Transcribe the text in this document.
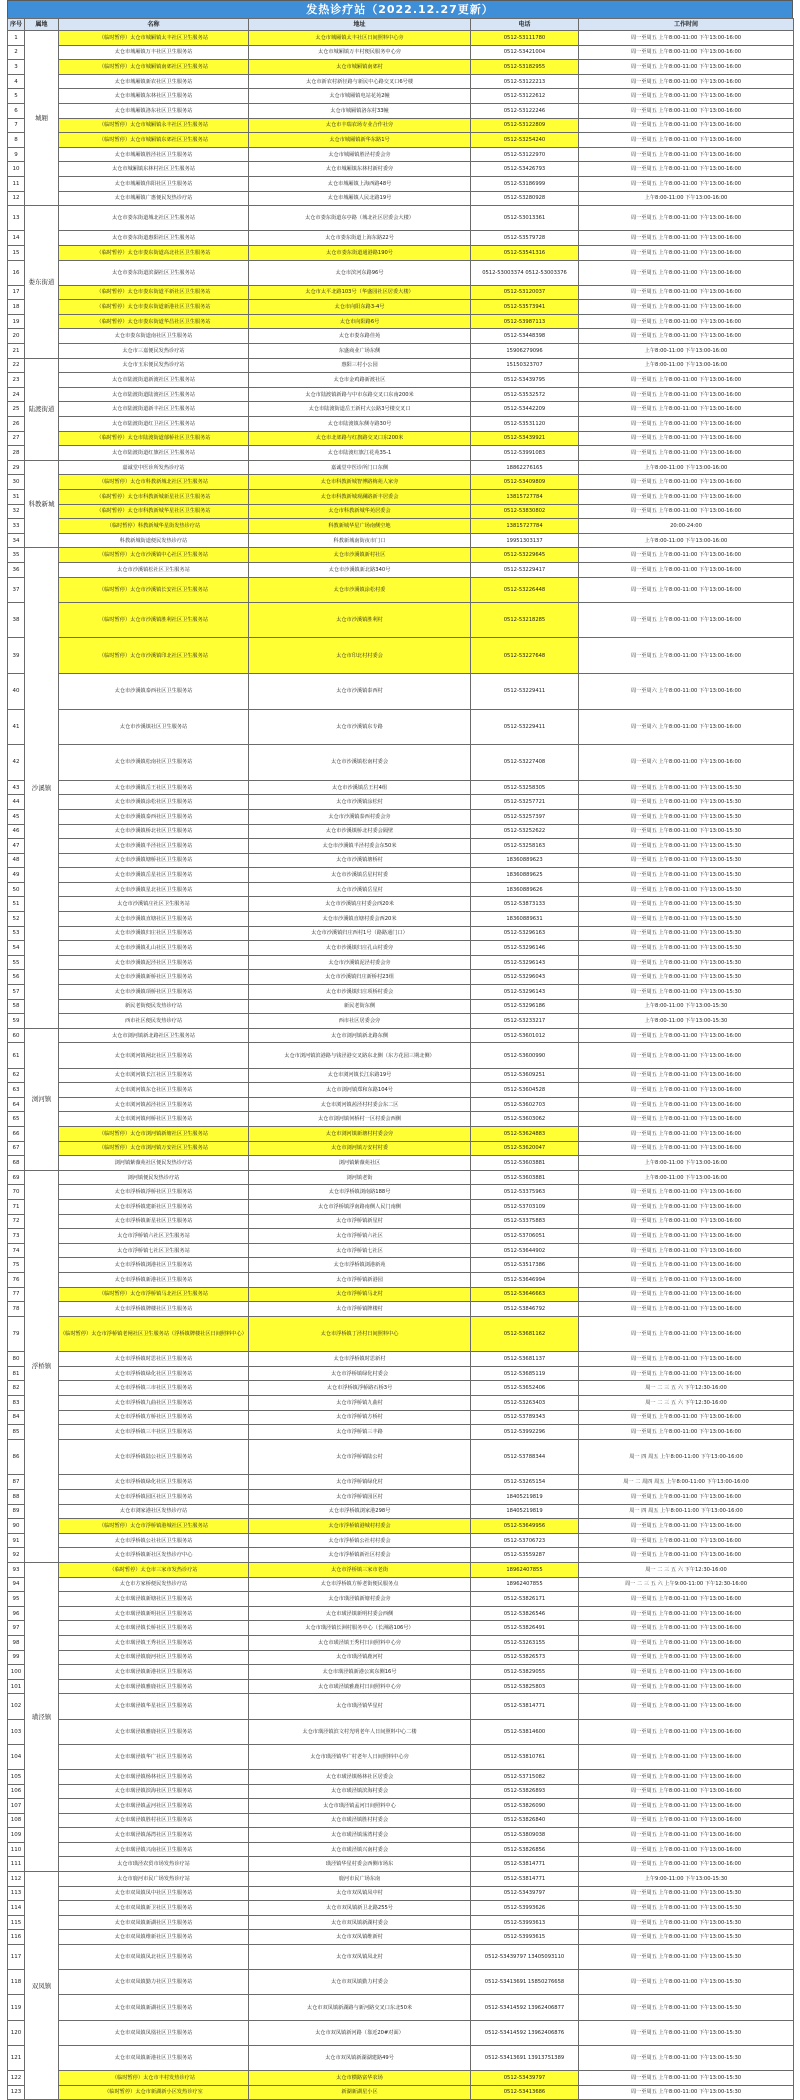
发热诊疗站（2022.12.27更新）
序号	属地	名称	地址	电话	工作时间
1	城厢	（临时暂停）太仓市城厢镇太丰社区卫生服务站	太仓市城厢镇太丰社区日间照料中心旁	0512-53111780	周一至周五 上午8:00-11:00 下午13:00-16:00
2		太仓市城厢镇万丰社区卫生服务站	太仓市城厢镇万丰村便民服务中心旁	0512-53421004	周一至周五 上午8:00-11:00 下午13:00-16:00
3		（临时暂停）太仓市城厢镇南郊社区卫生服务站	太仓市城厢镇南郊村	0512-53182955	周一至周五 上午8:00-11:00 下午13:00-16:00
4		太仓市城厢镇新农社区卫生服务站	太仓市新农村新径路与新民中心路交叉口6号楼	0512-53122213	周一至周五 上午8:00-11:00 下午13:00-16:00
5		太仓市城厢镇东林社区卫生服务站	太仓市城厢镇电站花苑2幢	0512-53122612	周一至周五 上午8:00-11:00 下午13:00-16:00
6		太仓市城厢镇洛东社区卫生服务站	太仓市城厢镇洛东村33幢	0512-53122246	周一至周五 上午8:00-11:00 下午13:00-16:00
7		（临时暂停）太仓市城厢镇永丰社区卫生服务站	太仓市丰瑞农场专业合作社旁	0512-53122809	周一至周五 上午8:00-11:00 下午13:00-16:00
8		（临时暂停）太仓市城厢镇东郊社区卫生服务站	太仓市城厢镇新华东路1号	0512-53254240	周一至周五 上午8:00-11:00 下午13:00-16:00
9		太仓市城厢镇胜泾社区卫生服务站	太仓市城厢镇胜泾村委会旁	0512-53122970	周一至周五 上午8:00-11:00 下午13:00-16:00
10		太仓市城厢镇东林村社区卫生服务站	太仓市城厢镇东林村新村委旁	0512-53426793	周一至周五 上午8:00-11:00 下午13:00-16:00
11		太仓市城厢镇伟阳社区卫生服务站	太仓市城厢镇上海西路48号	0512-53186999	周一至周五 上午8:00-11:00 下午13:00-16:00
12		太仓市城厢镇广惠便民发热诊疗站	太仓市城厢镇人民北路19号	0512-53280928	上午8:00-11:00 下午13:00-16:00
13	娄东街道	太仓市娄东街道城北社区卫生服务站	太仓市娄东街道东亭路（城北社区居委会大楼）	0512-53013361	周一至周五 上午8:00-11:00 下午13:00-16:00
14		太仓市娄东街道惠阳社区卫生服务站	太仓市娄东街道上海东路22号	0512-53579728	周一至周五 上午8:00-11:00 下午13:00-16:00
15		（临时暂停）太仓市娄东街道高北社区卫生服务站	太仓市娄东街道通港路190号	0512-53541316	周一至周五 上午8:00-11:00 下午13:00-16:00
16		太仓市娄东街道滨湖社区卫生服务站	太仓市滨河东路96号	0512-53003374 0512-53003376	周一至周五 上午8:00-11:00 下午13:00-16:00
17		（临时暂停）太仓市娄东街道平新社区卫生服务站	太仓市太平北路103号（华盛园社区居委大楼）	0512-53120037	周一至周五 上午8:00-11:00 下午13:00-16:00
18		（临时暂停）太仓市娄东街道新港社区卫生服务站	太仓市向阳东路3-4号	0512-53573941	周一至周五 上午8:00-11:00 下午13:00-16:00
19		（临时暂停）太仓市娄东街道华昌社区卫生服务站	太仓市向阳路6号	0512-53987113	周一至周五 上午8:00-11:00 下午13:00-16:00
20		太仓市娄东街道南社区卫生服务站	太仓市娄东路佳苑	0512-53448398	周一至周五 上午8:00-11:00 下午13:00-16:00
21		太仓市三嘉便民发热诊疗站	东盛商业广场东侧	15906279096	上午8:00-11:00 下午13:00-16:00
22	陆渡街道	太仓市玉东便民发热诊疗站	惠阳三村小公园	15150323707	上午8:00-11:00 下午13:00-16:00
23		太仓市陆渡街道新渡社区卫生服务站	太仓市金鸡路新渡社区	0512-53439795	周一至周五 上午8:00-11:00 下午13:00-16:00
24		太仓市陆渡街道陆渡社区卫生服务站	太仓市陆渡镇新路与中市东路交叉口东南200米	0512-53532572	周一至周五 上午8:00-11:00 下午13:00-16:00
25		太仓市陆渡街道新丰社区卫生服务站	太仓市陆渡街道岳王新村大公路3号楼交叉口	0512-53442209	周一至周五 上午8:00-11:00 下午13:00-16:00
26		太仓市陆渡街道红卫社区卫生服务站	太仓市陆渡镇东侧寺路30号	0512-53531120	周一至周五 上午8:00-11:00 下午13:00-16:00
27		（临时暂停）太仓市陆渡街道郁桥社区卫生服务站	太仓市北郊路与红旗路交叉口东200米	0512-53439921	周一至周五 上午8:00-11:00 下午13:00-16:00
28		太仓市陆渡街道红旗社区卫生服务站	太仓市陆渡红旗江花苑35-1	0512-53991083	周一至周五 上午8:00-11:00 下午13:00-16:00
29	科教新城	嘉诚堂中医诊所发热诊疗站	嘉诚堂中医诊所门口东侧	18862276165	上午8:00-11:00 下午13:00-16:00
30		（临时暂停）太仓市科教新城北社区卫生服务站	太仓市科教新城智博路梅苑人家旁	0512-53409809	周一至周五 上午8:00-11:00 下午13:00-16:00
31		（临时暂停）太仓市科教新城新星社区卫生服务站	太仓市科教新城观澜路新丰居委会	13815727784	周一至周五 上午8:00-11:00 下午13:00-16:00
32		（临时暂停）太仓市科教新城华星社区卫生服务站	太仓市科教新城华苑居委会	0512-53830802	周一至周五 上午8:00-11:00 下午13:00-16:00
33		（临时暂停）科教新城华星街发热诊疗站	科教新城华星广场南侧空地	13815727784	20:00-24:00
34		科教新城街道便民发热诊疗站	科教新城南街夜市门口	19951303137	上午8:00-11:00 下午13:00-16:00
35	沙溪镇	（临时暂停）太仓市沙溪镇中心社区卫生服务站	太仓市沙溪镇新村社区	0512-53229645	周一至周五 上午8:00-11:00 下午13:00-16:00
36		太仓市沙溪镇松社区卫生服务站	太仓市沙溪镇新北路340号	0512-53229417	周一至周五 上午8:00-11:00 下午13:00-16:00
37		（临时暂停）太仓市沙溪镇长安社区卫生服务站	太仓市沙溪镇涂松村委	0512-53226448	周一至周五 上午8:00-11:00 下午13:00-16:00
38		（临时暂停）太仓市沙溪镇胜利社区卫生服务站	太仓市沙溪镇胜利村	0512-53218285	周一至周五 上午8:00-11:00 下午13:00-16:00
39		（临时暂停）太仓市沙溪镇印北社区卫生服务站	太仓市印北村村委会	0512-53227648	周一至周五 上午8:00-11:00 下午13:00-16:00
40		太仓市沙溪镇泰西社区卫生服务站	太仓市沙溪镇泰西村	0512-53229411	周一至周六 上午8:00-11:00 下午13:00-16:00
41		太仓市沙溪镇社区卫生服务站	太仓市沙溪镇东专路	0512-53229411	周一至周六 上午8:00-11:00 下午13:00-16:00
42		太仓市沙溪镇松南社区卫生服务站	太仓市沙溪镇松南村委会	0512-53227408	周一至周六 上午8:00-11:00 下午13:00-16:00
43		太仓市沙溪镇岳王社区卫生服务站	太仓市沙溪镇岳王村4组	0512-53258305	周一至周五 上午8:00-11:00 下午13:00-15:30
44		太仓市沙溪镇涂松社区卫生服务站	太仓市沙溪镇涂松村	0512-53257721	周一至周五 上午8:00-11:00 下午13:00-15:30
45		太仓市沙溪镇泰西社区卫生服务站	太仓市沙溪镇泰西村委会旁	0512-53257397	周一至周五 上午8:00-11:00 下午13:00-15:30
46		太仓市沙溪镇桥北社区卫生服务站	太仓市沙溪镇桥北村委会隔壁	0512-53252622	周一至周五 上午8:00-11:00 下午13:00-15:30
47		太仓市沙溪镇半泾社区卫生服务站	太仓市沙溪镇半泾村委会东50米	0512-53258163	周一至周五 上午8:00-11:00 下午13:00-15:30
48		太仓市沙溪镇塘桥社区卫生服务站	太仓市沙溪镇塘桥村	18360889623	周一至周五 上午8:00-11:00 下午13:00-15:30
49		太仓市沙溪镇岳星社区卫生服务站	太仓市沙溪镇岳星村村委	18360889625	周一至周五 上午8:00-11:00 下午13:00-15:30
50		太仓市沙溪镇星北社区卫生服务站	太仓市沙溪镇岳星村	18360889626	周一至周五 上午8:00-11:00 下午13:00-15:30
51		太仓市沙溪镇庄社区卫生服务站	太仓市沙溪镇庄村委会西20米	0512-53873133	周一至周五 上午8:00-11:00 下午13:00-15:30
52		太仓市沙溪镇直塘社区卫生服务站	太仓市沙溪镇直塘村委会西20米	18360889631	周一至周五 上午8:00-11:00 下午13:00-15:30
53		太仓市沙溪镇归庄社区卫生服务站	太仓市沙溪镇归庄西村1号（路路通门口）	0512-53296163	周一至周五 上午8:00-11:00 下午13:00-15:30
54		太仓市沙溪镇孔山社区卫生服务站	太仓市沙溪镇归庄孔山村委旁	0512-53296146	周一至周五 上午8:00-11:00 下午13:00-15:30
55		太仓市沙溪镇泥泾社区卫生服务站	太仓市沙溪镇泥泾村委会旁	0512-53296143	周一至周五 上午8:00-11:00 下午13:00-15:30
56		太仓市沙溪镇新桥社区卫生服务站	太仓市沙溪镇归庄新桥村23组	0512-53296043	周一至周五 上午8:00-11:00 下午13:00-15:30
57		太仓市沙溪镇项桥社区卫生服务站	太仓市沙溪镇归庄项桥村委会	0512-53296143	周一至周五 上午8:00-11:00 下午13:00-15:30
58		新民老街便民发热诊疗站	新民老街东侧	0512-53296186	上午8:00-11:00 下午13:00-15:30
59		西市社区便民发热诊疗站	西市社区居委会旁	0512-53233217	上午8:00-11:00 下午13:00-15:30
60	浏河镇	太仓市浏河镇新北路社区卫生服务站	太仓市浏河镇新北路东侧	0512-53601012	周一至周五 上午8:00-11:00 下午13:00-16:00
61		太仓市浏河镇闸北社区卫生服务站	太仓市浏河镇滨港路与钱泾港交叉路东北侧（东方花园三期北侧）	0512-53600990	周一至周五 上午8:00-11:00 下午13:00-16:00
62		太仓市浏河镇长江社区卫生服务站	太仓市浏河镇长江东路19号	0512-53609251	周一至周五 上午8:00-11:00 下午13:00-16:00
63		太仓市浏河镇东仓社区卫生服务站	太仓市浏河镇郑和东路104号	0512-53604528	周一至周五 上午8:00-11:00 下午13:00-16:00
64		太仓市浏河镇茜泾社区卫生服务站	太仓市浏河镇茜泾村村委会东二区	0512-53602703	周一至周五 上午8:00-11:00 下午13:00-16:00
65		太仓市浏河镇何桥社区卫生服务站	太仓市浏河镇何桥村一区村委会西侧	0512-53603062	周一至周五 上午8:00-11:00 下午13:00-16:00
66		（临时暂停）太仓市浏河镇新塘社区卫生服务站	太仓市浏河镇新塘村村委会旁	0512-53624883	周一至周五 上午8:00-11:00 下午13:00-16:00
67		（临时暂停）太仓市浏河镇万安社区卫生服务站	太仓市浏河镇万安村村委	0512-53620047	周一至周五 上午8:00-11:00 下午13:00-16:00
68		浏河镇紫薇苑社区便民发热诊疗站	浏河镇紫薇苑社区	0512-53603881	上午8:00-11:00 下午13:00-16:00
69	浮桥镇	浏河镇便民发热诊疗站	浏河镇老街	0512-53603881	上午8:00-11:00 下午13:00-16:00
70		太仓市浮桥镇浮桥社区卫生服务站	太仓市浮桥镇浏南路188号	0512-53375963	周一至周五 上午8:00-11:00 下午13:00-16:00
71		太仓市浮桥镇建新社区卫生服务站	太仓市浮桥镇浮南路南侧人民门南侧	0512-53703109	周一至周五 上午8:00-11:00 下午13:00-16:00
72		太仓市浮桥镇新星社区卫生服务站	太仓市浮桥镇新星村	0512-53375883	周一至周五 上午8:00-11:00 下午13:00-16:00
73		太仓市浮桥镇六社区卫生服务站	太仓市浮桥镇六社区	0512-53706051	周一至周五 上午8:00-11:00 下午13:00-16:00
74		太仓市浮桥镇七社区卫生服务站	太仓市浮桥镇七社区	0512-53644902	周一至周五 上午8:00-11:00 下午13:00-16:00
75		太仓市浮桥镇浏港社区卫生服务站	太仓市浮桥镇浏港新苑	0512-53517386	周一至周五 上午8:00-11:00 下午13:00-16:00
76		太仓市浮桥镇新港社区卫生服务站	太仓市浮桥镇新港园	0512-53646994	周一至周五 上午8:00-11:00 下午13:00-16:00
77		（临时暂停）太仓市浮桥镇马北社区卫生服务站	太仓市浮桥镇马北村	0512-53646663	周一至周五 上午8:00-11:00 下午13:00-16:00
78		太仓市浮桥镇牌楼社区卫生服务站	太仓市浮桥镇牌楼村	0512-53846792	周一至周五 上午8:00-11:00 下午13:00-16:00
79		（临时暂停）太仓市浮桥镇老闸社区卫生服务站（浮桥镇牌楼社区日间照料中心）	太仓市浮桥镇丁泾村日间照料中心	0512-53681162	周一至周五 上午8:00-11:00 下午13:00-16:00
80		太仓市浮桥镇时思社区卫生服务站	太仓市浮桥镇时思新村	0512-53681137	周一至周五 上午8:00-11:00 下午13:00-16:00
81		太仓市浮桥镇绿化社区卫生服务站	太仓市浮桥镇绿化村委会	0512-53685119	周一至周五 上午8:00-11:00 下午13:00-16:00
82		太仓市浮桥镇三市社区卫生服务站	太仓市浮桥镇浮桥路石桥3号	0512-53652406	周一 二 三 五 六 下午12:30-16:00
83		太仓市浮桥镇九曲社区卫生服务站	太仓市浮桥镇九曲村	0512-53263403	周一 二 三 五 六 下午12:30-16:00
84		太仓市浮桥镇方桥社区卫生服务站	太仓市浮桥镇方桥村	0512-53789343	周一至周五 上午8:00-11:00 下午13:00-16:00
85		太仓市浮桥镇三丰社区卫生服务站	太仓市浮桥镇三丰路	0512-53992296	周一至周五 上午8:00-11:00 下午13:00-16:00
86		太仓市浮桥镇陆公社区卫生服务站	太仓市浮桥镇陆公村	0512-53788344	周一 四 周五 上午8:00-11:00 下午13:00-16:00
87		太仓市浮桥镇绿化社区卫生服务站	太仓市浮桥镇绿化村	0512-53265154	周一 二 周四 周五 上午8:00-11:00 下午13:00-16:00
88		太仓市浮桥镇园区社区卫生服务站	太仓市浮桥镇园区村	18405219819	周一至周五 上午8:00-11:00 下午13:00-16:00
89		太仓市浏家港社区发热诊疗站	太仓市浮桥镇浏家港298号	18405219819	周一 四 周五 上午8:00-11:00 下午13:00-16:00
90		（临时暂停）太仓市浮桥镇港城社区卫生服务站	太仓市浮桥镇港城村村委会	0512-53649956	周一至周五 上午8:00-11:00 下午13:00-16:00
91		太仓市浮桥镇公社社区卫生服务站	太仓市浮桥镇公社村村委会	0512-53706723	周一至周五 上午8:00-11:00 下午13:00-16:00
92		太仓市浮桥镇新社区发热诊疗中心	太仓市浮桥镇新社区村委会	0512-53559287	周一至周五 上午8:00-11:00 下午13:00-16:00
93	璜泾镇	（临时暂停）太仓市三家市发热诊疗站	太仓市浮桥镇三家市老街	18962407855	周一 二 三 五 六 下午12:30-16:00
94		太仓市方家桥便民发热诊疗站	太仓市浮桥镇方桥老街便民服务点	18962407855	周一 二 三 五 六 上午9:00-11:00 下午12:30-16:00
95		太仓市璜泾镇新塘社区卫生服务站	太仓市璜泾镇新塘村委会旁	0512-53826171	周一至周五 上午8:00-11:00 下午13:00-16:00
96		太仓市璜泾镇新明社区卫生服务站	太仓市璜泾镇新明村委会西侧	0512-53826546	周一至周五 上午8:00-11:00 下午13:00-16:00
97		太仓市璜泾镇长桥社区卫生服务站	太仓市璜泾镇长洲村服务中心（长洲路106号）	0512-53826491	周一至周五 上午8:00-11:00 下午13:00-16:00
98		太仓市璜泾镇王秀社区卫生服务站	太仓市璜泾镇王秀村日间照料中心旁	0512-53263155	周一至周五 上午8:00-11:00 下午13:00-16:00
99		太仓市璜泾镇鹿河社区卫生服务站	太仓市璜泾镇鹿河村	0512-53826573	周一至周五 上午8:00-11:00 下午13:00-16:00
100		太仓市璜泾镇新港社区卫生服务站	太仓市璜泾镇新港公寓东侧16号	0512-53829055	周一至周五 上午8:00-11:00 下午13:00-16:00
101		太仓市璜泾镇雅鹿社区卫生服务站	太仓市璜泾镇雅鹿村日间照料中心旁	0512-53825803	周一至周五 上午8:00-11:00 下午13:00-16:00
102		太仓市璜泾镇华星社区卫生服务站	太仓市璜泾镇华星村	0512-53814771	周一至周五 上午8:00-11:00 下午13:00-16:00
103		太仓市璜泾镇雅鹿社区卫生服务站	太仓市璜泾镇滨文村光明老年人日间照料中心二楼	0512-53814600	周一至周五 上午8:00-11:00 下午13:00-16:00
104		太仓市璜泾镇华广社区卫生服务站	太仓市璜泾镇华广村老年人日间照料中心旁	0512-53810761	周一至周五 上午8:00-11:00 下午13:00-16:00
105		太仓市璜泾镇杨林社区卫生服务站	太仓市璜泾镇杨林社区居委会	0512-53715082	周一至周五 上午8:00-11:00 下午13:00-16:00
106		太仓市璜泾镇滨海社区卫生服务站	太仓市璜泾镇滨海村委会	0512-53826893	周一至周五 上午8:00-11:00 下午13:00-16:00
107		太仓市璜泾镇孟河社区卫生服务站	太仓市璜泾镇孟河日间照料中心	0512-53826090	周一至周五 上午8:00-11:00 下午13:00-16:00
108		太仓市璜泾镇胜村社区卫生服务站	太仓市璜泾镇胜村村委会	0512-53826840	周一至周五 上午8:00-11:00 下午13:00-16:00
109		太仓市璜泾镇荡湾社区卫生服务站	太仓市璜泾镇荡湾村委会	0512-53809038	周一至周五 上午8:00-11:00 下午13:00-16:00
110		太仓市璜泾镇兴南社区卫生服务站	太仓市璜泾镇兴南村委会	0512-53826856	周一至周五 上午8:00-11:00 下午13:00-16:00
111		太仓市璜泾农贸市场发热诊疗站	璜泾镇华星村委会西侧市场东	0512-53814771	周一至周五 上午8:00-11:00 下午13:00-16:00
112	双凤镇	太仓市鹿河市民广场发热诊疗站	鹿河市民广场东南	0512-53814771	上午9:00-11:00 下午13:00-15:30
113		太仓市双凤镇凤中社区卫生服务站	太仓市双凤镇凤中村	0512-53439797	周一至周五 上午8:00-11:00 下午13:00-15:30
114		太仓市双凤镇新卫社区卫生服务站	太仓市双凤镇新卫北路255号	0512-53993626	周一至周五 上午8:00-11:00 下午13:00-15:30
115		太仓市双凤镇新湖社区卫生服务站	太仓市双凤镇新湖村委会	0512-53993613	周一至周五 上午8:00-11:00 下午13:00-15:30
116		太仓市双凤镇维新社区卫生服务站	太仓市双凤镇维新村	0512-53993615	周一至周五 上午8:00-11:00 下午13:00-15:30
117		太仓市双凤镇凤北社区卫生服务站	太仓市双凤镇凤北村	0512-53439797 13405093110	周一至周五 上午8:00-11:00 下午13:00-15:30
118		太仓市双凤镇勤力社区卫生服务站	太仓市双凤镇勤力村委会	0512-53413691 15850276658	周一至周五 上午8:00-11:00 下午13:00-15:30
119		太仓市双凤镇新湖社区卫生服务站	太仓市双凤镇新湖路与新河路交叉口东北50米	0512-53414592 13962406877	周一至周五 上午8:00-11:00 下午13:00-15:30
120		太仓市双凤镇凤凰社区卫生服务站	太仓市双凤镇新河路（靠近20#对面）	0512-53414592 13962406876	周一至周五 上午8:00-11:00 下午13:00-15:30
121		太仓市双凤镇新港社区卫生服务站	太仓市双凤镇新湖湖建路49号	0512-53413691 13913751389	周一至周五 上午8:00-11:00 下午13:00-15:30
122		（临时暂停）太仓市丰村发热诊疗站	太仓市横路富华农场	0512-53439797	周一至周五 上午8:00-11:00 下午13:00-15:30
123		（临时暂停）太仓市新湖新小区发热诊疗室	新湖新湖星小区	0512-53413686	周一至周五 上午8:00-11:00 下午13:00-15:30
